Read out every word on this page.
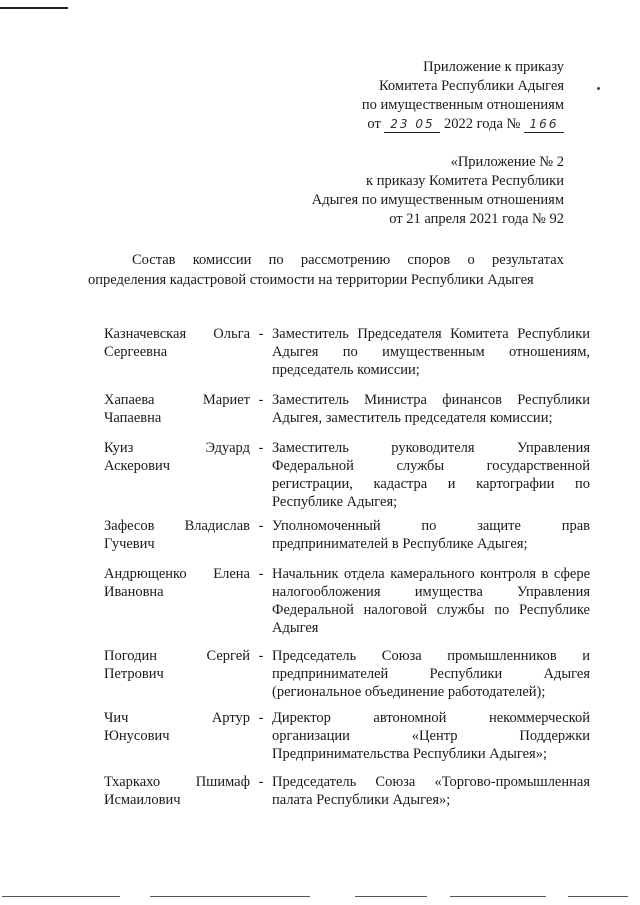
Приложение к приказу
Комитета Республики Адыгея
по имущественным отношениям
от 23 05 2022 года № 166
«Приложение № 2
к приказу Комитета Республики
Адыгея по имущественным отношениям
от 21 апреля 2021 года № 92
Состав комиссии по рассмотрению споров о результатах
определения кадастровой стоимости на территории Республики Адыгея
Казначевская Ольга
Сергеевна
- Заместитель Председателя Комитета Республики Адыгея по имущественным отношениям, председатель комиссии;
Хапаева	Мариет
Чапаевна
- Заместитель Министра финансов Республики Адыгея, заместитель председателя комиссии;
Куиз	Эдуард
Аскерович
- Заместитель руководителя Управления Федеральной службы государственной регистрации, кадастра и картографии по Республике Адыгея;
Зафесов Владислав
Гучевич
- Уполномоченный по защите прав предпринимателей в Республике Адыгея;
Андрющенко Елена
Ивановна
- Начальник отдела камерального контроля в сфере налогообложения имущества Управления Федеральной налоговой службы по Республике Адыгея
Погодин	Сергей
Петрович
- Председатель Союза промышленников и предпринимателей Республики Адыгея (региональное объединение работодателей);
Чич	Артур
Юнусович
- Директор автономной некоммерческой организации «Центр Поддержки Предпринимательства Республики Адыгея»;
Тхаркахо Пшимаф
Исмаилович
- Председатель Союза «Торгово-промышленная палата Республики Адыгея»;
